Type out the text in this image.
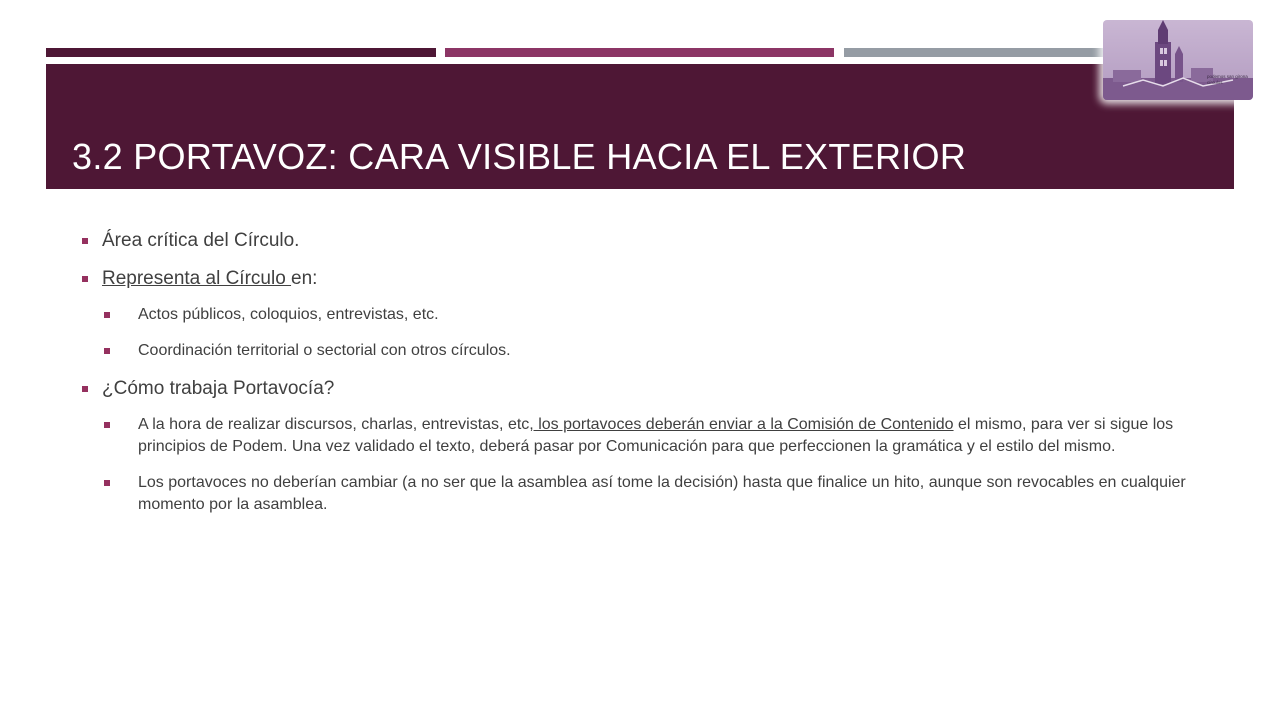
3.2 PORTAVOZ: CARA VISIBLE HACIA EL EXTERIOR
podemos san girona círculos
Área crítica del Círculo.
Representa al Círculo en:
Actos públicos, coloquios, entrevistas, etc.
Coordinación territorial o sectorial con otros círculos.
¿Cómo trabaja Portavocía?
A la hora de realizar discursos, charlas, entrevistas, etc, los portavoces deberán enviar a la Comisión de Contenido el mismo, para ver si sigue los principios de Podem. Una vez validado el texto, deberá pasar por Comunicación para que perfeccionen la gramática y el estilo del mismo.
Los portavoces no deberían cambiar (a no ser que la asamblea así tome la decisión) hasta que finalice un hito, aunque son revocables en cualquier momento por la asamblea.
